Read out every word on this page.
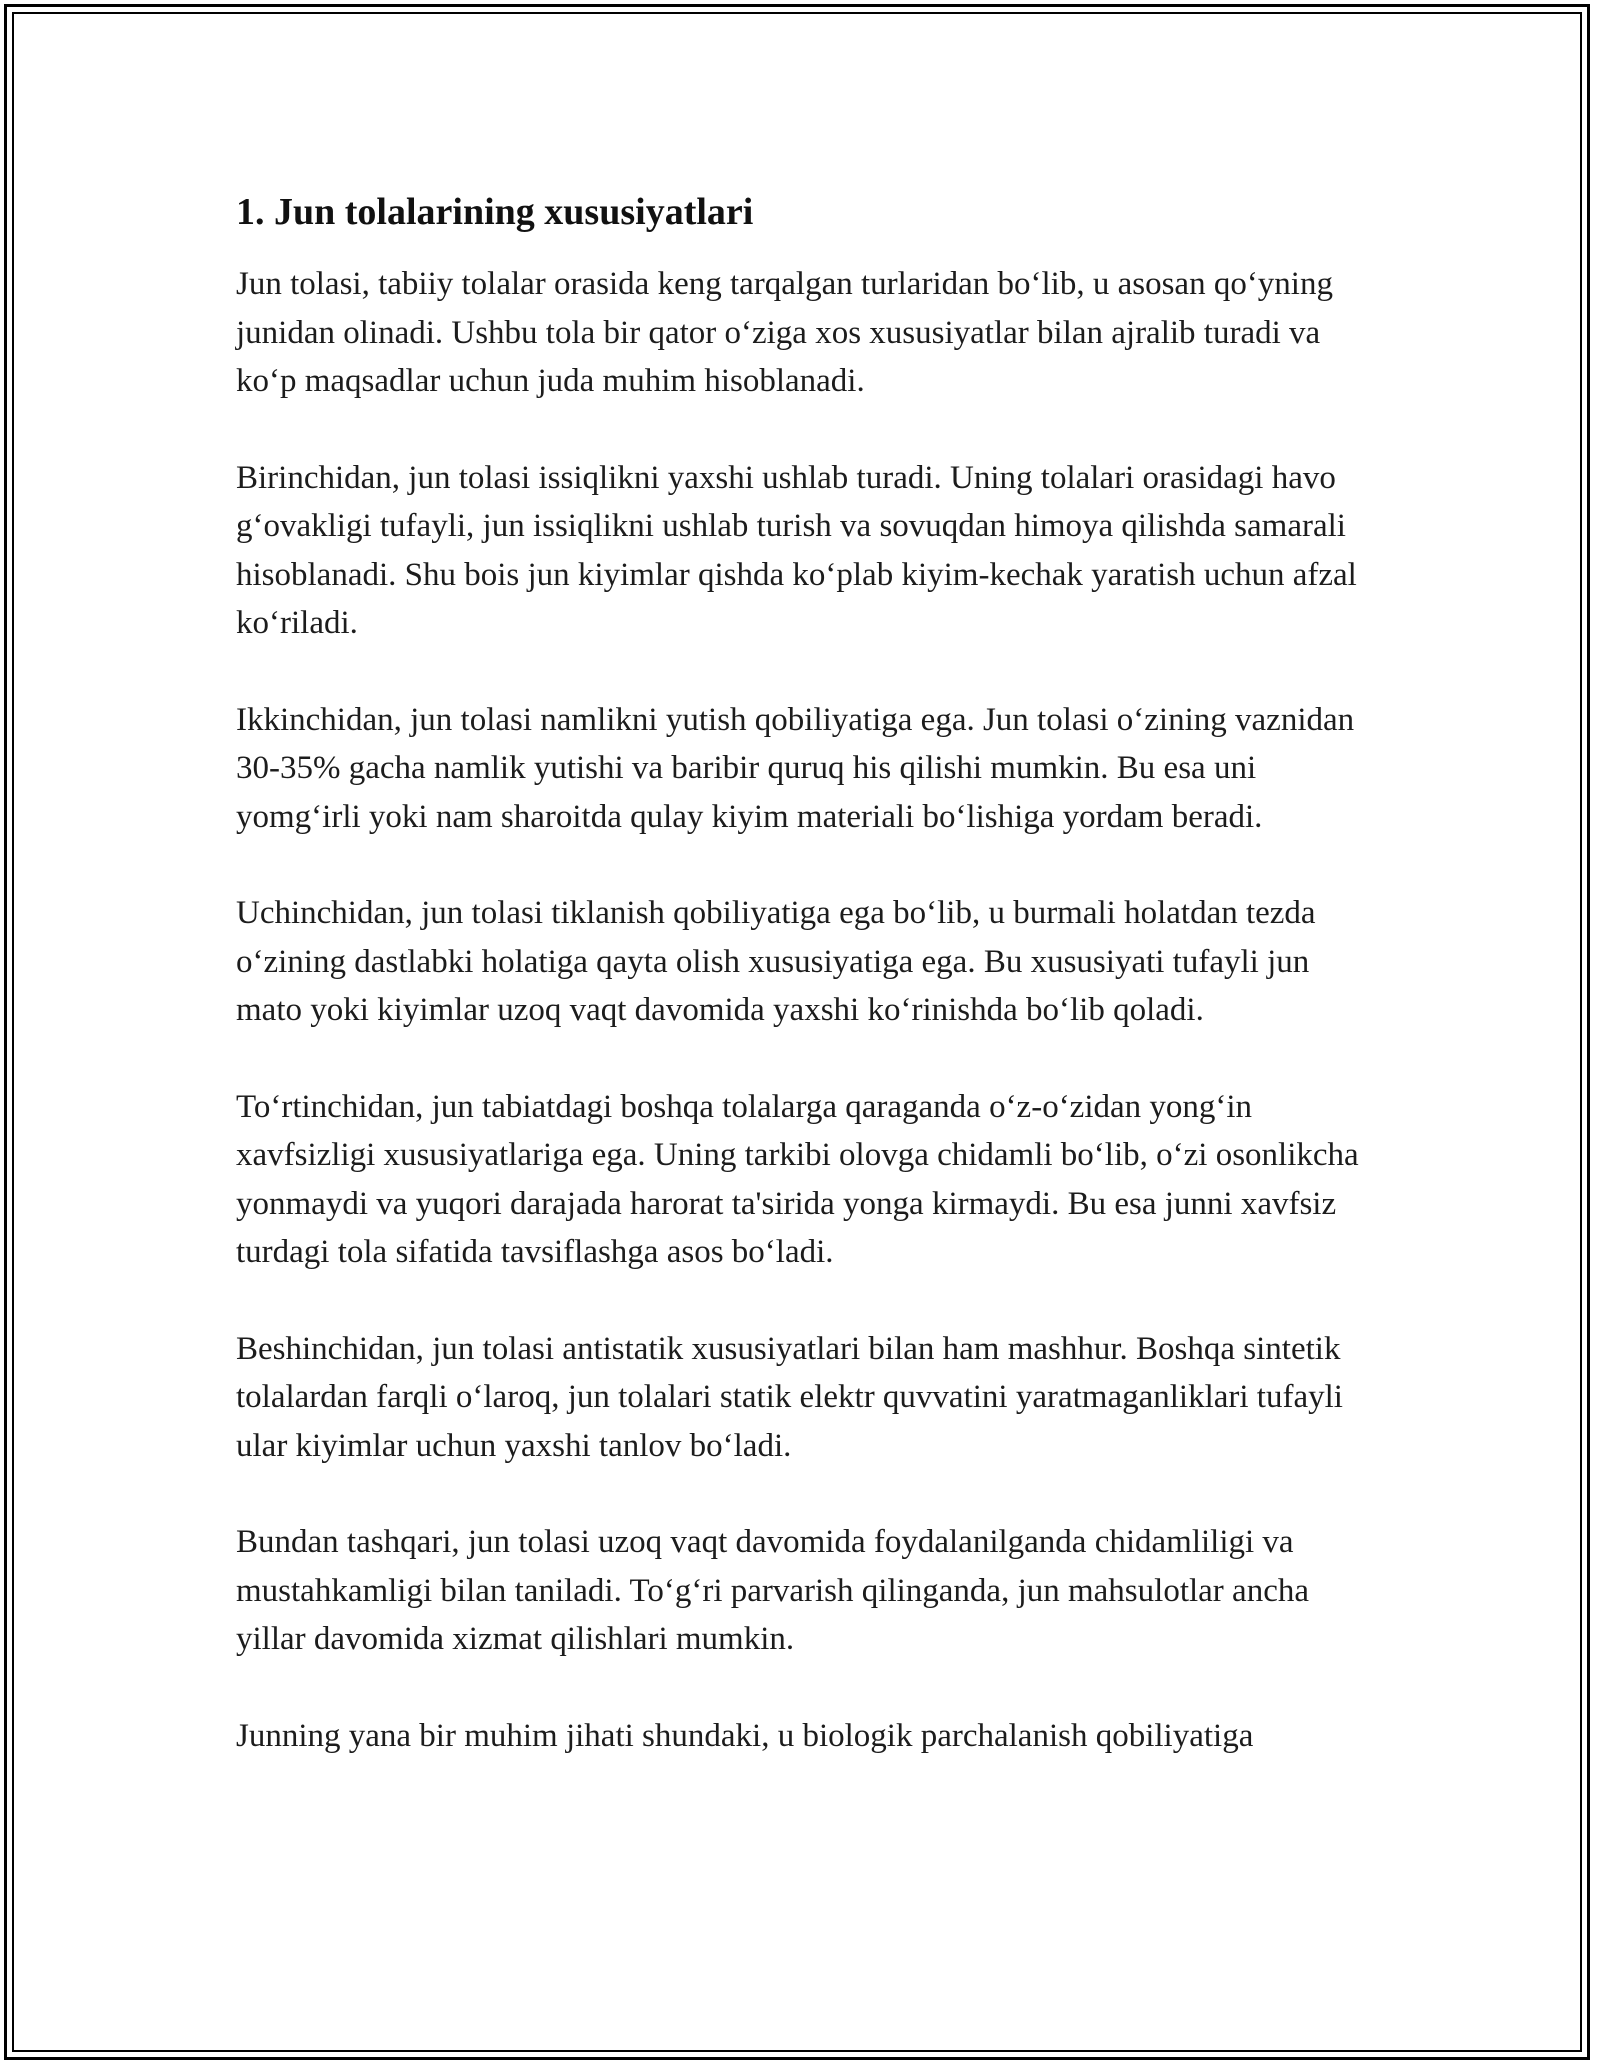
1. Jun tolalarining xususiyatlari

Jun tolasi, tabiiy tolalar orasida keng tarqalgan turlaridan bo‘lib, u asosan qo‘yning junidan olinadi. Ushbu tola bir qator o‘ziga xos xususiyatlar bilan ajralib turadi va ko‘p maqsadlar uchun juda muhim hisoblanadi.

Birinchidan, jun tolasi issiqlikni yaxshi ushlab turadi. Uning tolalari orasidagi havo g‘ovakligi tufayli, jun issiqlikni ushlab turish va sovuqdan himoya qilishda samarali hisoblanadi. Shu bois jun kiyimlar qishda ko‘plab kiyim-kechak yaratish uchun afzal ko‘riladi.

Ikkinchidan, jun tolasi namlikni yutish qobiliyatiga ega. Jun tolasi o‘zining vaznidan 30-35% gacha namlik yutishi va baribir quruq his qilishi mumkin. Bu esa uni yomg‘irli yoki nam sharoitda qulay kiyim materiali bo‘lishiga yordam beradi.

Uchinchidan, jun tolasi tiklanish qobiliyatiga ega bo‘lib, u burmali holatdan tezda o‘zining dastlabki holatiga qayta olish xususiyatiga ega. Bu xususiyati tufayli jun mato yoki kiyimlar uzoq vaqt davomida yaxshi ko‘rinishda bo‘lib qoladi.

To‘rtinchidan, jun tabiatdagi boshqa tolalarga qaraganda o‘z-o‘zidan yong‘in xavfsizligi xususiyatlariga ega. Uning tarkibi olovga chidamli bo‘lib, o‘zi osonlikcha yonmaydi va yuqori darajada harorat ta'sirida yonga kirmaydi. Bu esa junni xavfsiz turdagi tola sifatida tavsiflashga asos bo‘ladi.

Beshinchidan, jun tolasi antistatik xususiyatlari bilan ham mashhur. Boshqa sintetik tolalardan farqli o‘laroq, jun tolalari statik elektr quvvatini yaratmaganliklari tufayli ular kiyimlar uchun yaxshi tanlov bo‘ladi.

Bundan tashqari, jun tolasi uzoq vaqt davomida foydalanilganda chidamliligi va mustahkamligi bilan taniladi. To‘g‘ri parvarish qilinganda, jun mahsulotlar ancha yillar davomida xizmat qilishlari mumkin.

Junning yana bir muhim jihati shundaki, u biologik parchalanish qobiliyatiga
